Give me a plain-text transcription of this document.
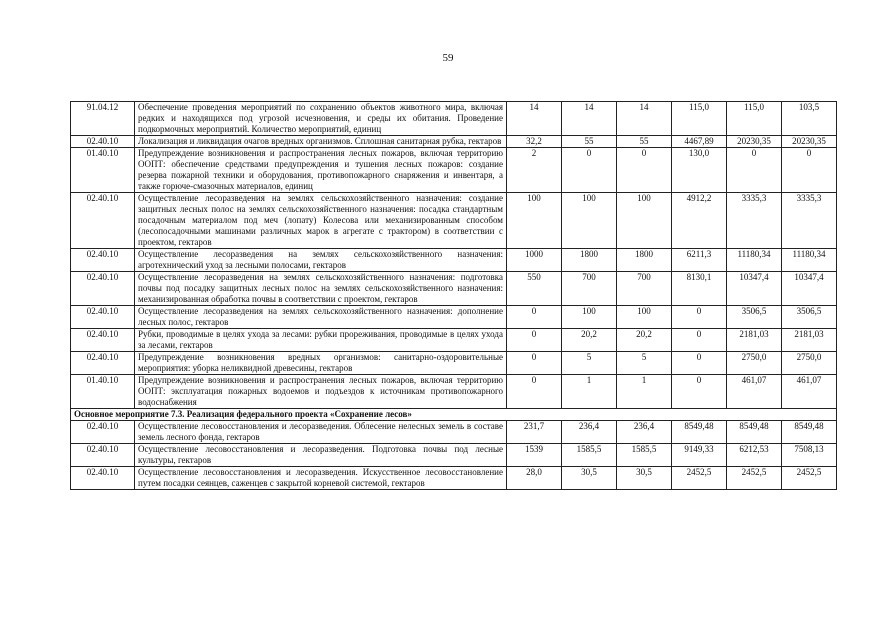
59
91.04.12	Обеспечение проведения мероприятий по сохранению объектов животного мира, включая редких и находящихся под угрозой исчезновения, и среды их обитания. Проведение подкормочных мероприятий. Количество мероприятий, единиц	14	14	14	115,0	115,0	103,5
02.40.10	Локализация и ликвидация очагов вредных организмов. Сплошная санитарная рубка, гектаров	32,2	55	55	4467,89	20230,35	20230,35
01.40.10	Предупреждение возникновения и распространения лесных пожаров, включая территорию ООПТ: обеспечение средствами предупреждения и тушения лесных пожаров: создание резерва пожарной техники и оборудования, противопожарного снаряжения и инвентаря, а также горюче-смазочных материалов, единиц	2	0	0	130,0	0	0
02.40.10	Осуществление лесоразведения на землях сельскохозяйственного назначения: создание защитных лесных полос на землях сельскохозяйственного назначения: посадка стандартным посадочным материалом под меч (лопату) Колесова или механизированным способом (лесопосадочными машинами различных марок в агрегате с трактором) в соответствии с проектом, гектаров	100	100	100	4912,2	3335,3	3335,3
02.40.10	Осуществление лесоразведения на землях сельскохозяйственного назначения: агротехнический уход за лесными полосами, гектаров	1000	1800	1800	6211,3	11180,34	11180,34
02.40.10	Осуществление лесоразведения на землях сельскохозяйственного назначения: подготовка почвы под посадку защитных лесных полос на землях сельскохозяйственного назначения: механизированная обработка почвы в соответствии с проектом, гектаров	550	700	700	8130,1	10347,4	10347,4
02.40.10	Осуществление лесоразведения на землях сельскохозяйственного назначения: дополнение лесных полос, гектаров	0	100	100	0	3506,5	3506,5
02.40.10	Рубки, проводимые в целях ухода за лесами: рубки прореживания, проводимые в целях ухода за лесами, гектаров	0	20,2	20,2	0	2181,03	2181,03
02.40.10	Предупреждение возникновения вредных организмов: санитарно-оздоровительные мероприятия: уборка неликвидной древесины, гектаров	0	5	5	0	2750,0	2750,0
01.40.10	Предупреждение возникновения и распространения лесных пожаров, включая территорию ООПТ: эксплуатация пожарных водоемов и подъездов к источникам противопожарного водоснабжения	0	1	1	0	461,07	461,07
Основное мероприятие 7.3. Реализация федерального проекта «Сохранение лесов»							
02.40.10	Осуществление лесовосстановления и лесоразведения. Облесение нелесных земель в составе земель лесного фонда, гектаров	231,7	236,4	236,4	8549,48	8549,48	8549,48
02.40.10	Осуществление лесовосстановления и лесоразведения. Подготовка почвы под лесные культуры, гектаров	1539	1585,5	1585,5	9149,33	6212,53	7508,13
02.40.10	Осуществление лесовосстановления и лесоразведения. Искусственное лесовосстановление путем посадки сеянцев, саженцев с закрытой корневой системой, гектаров	28,0	30,5	30,5	2452,5	2452,5	2452,5
